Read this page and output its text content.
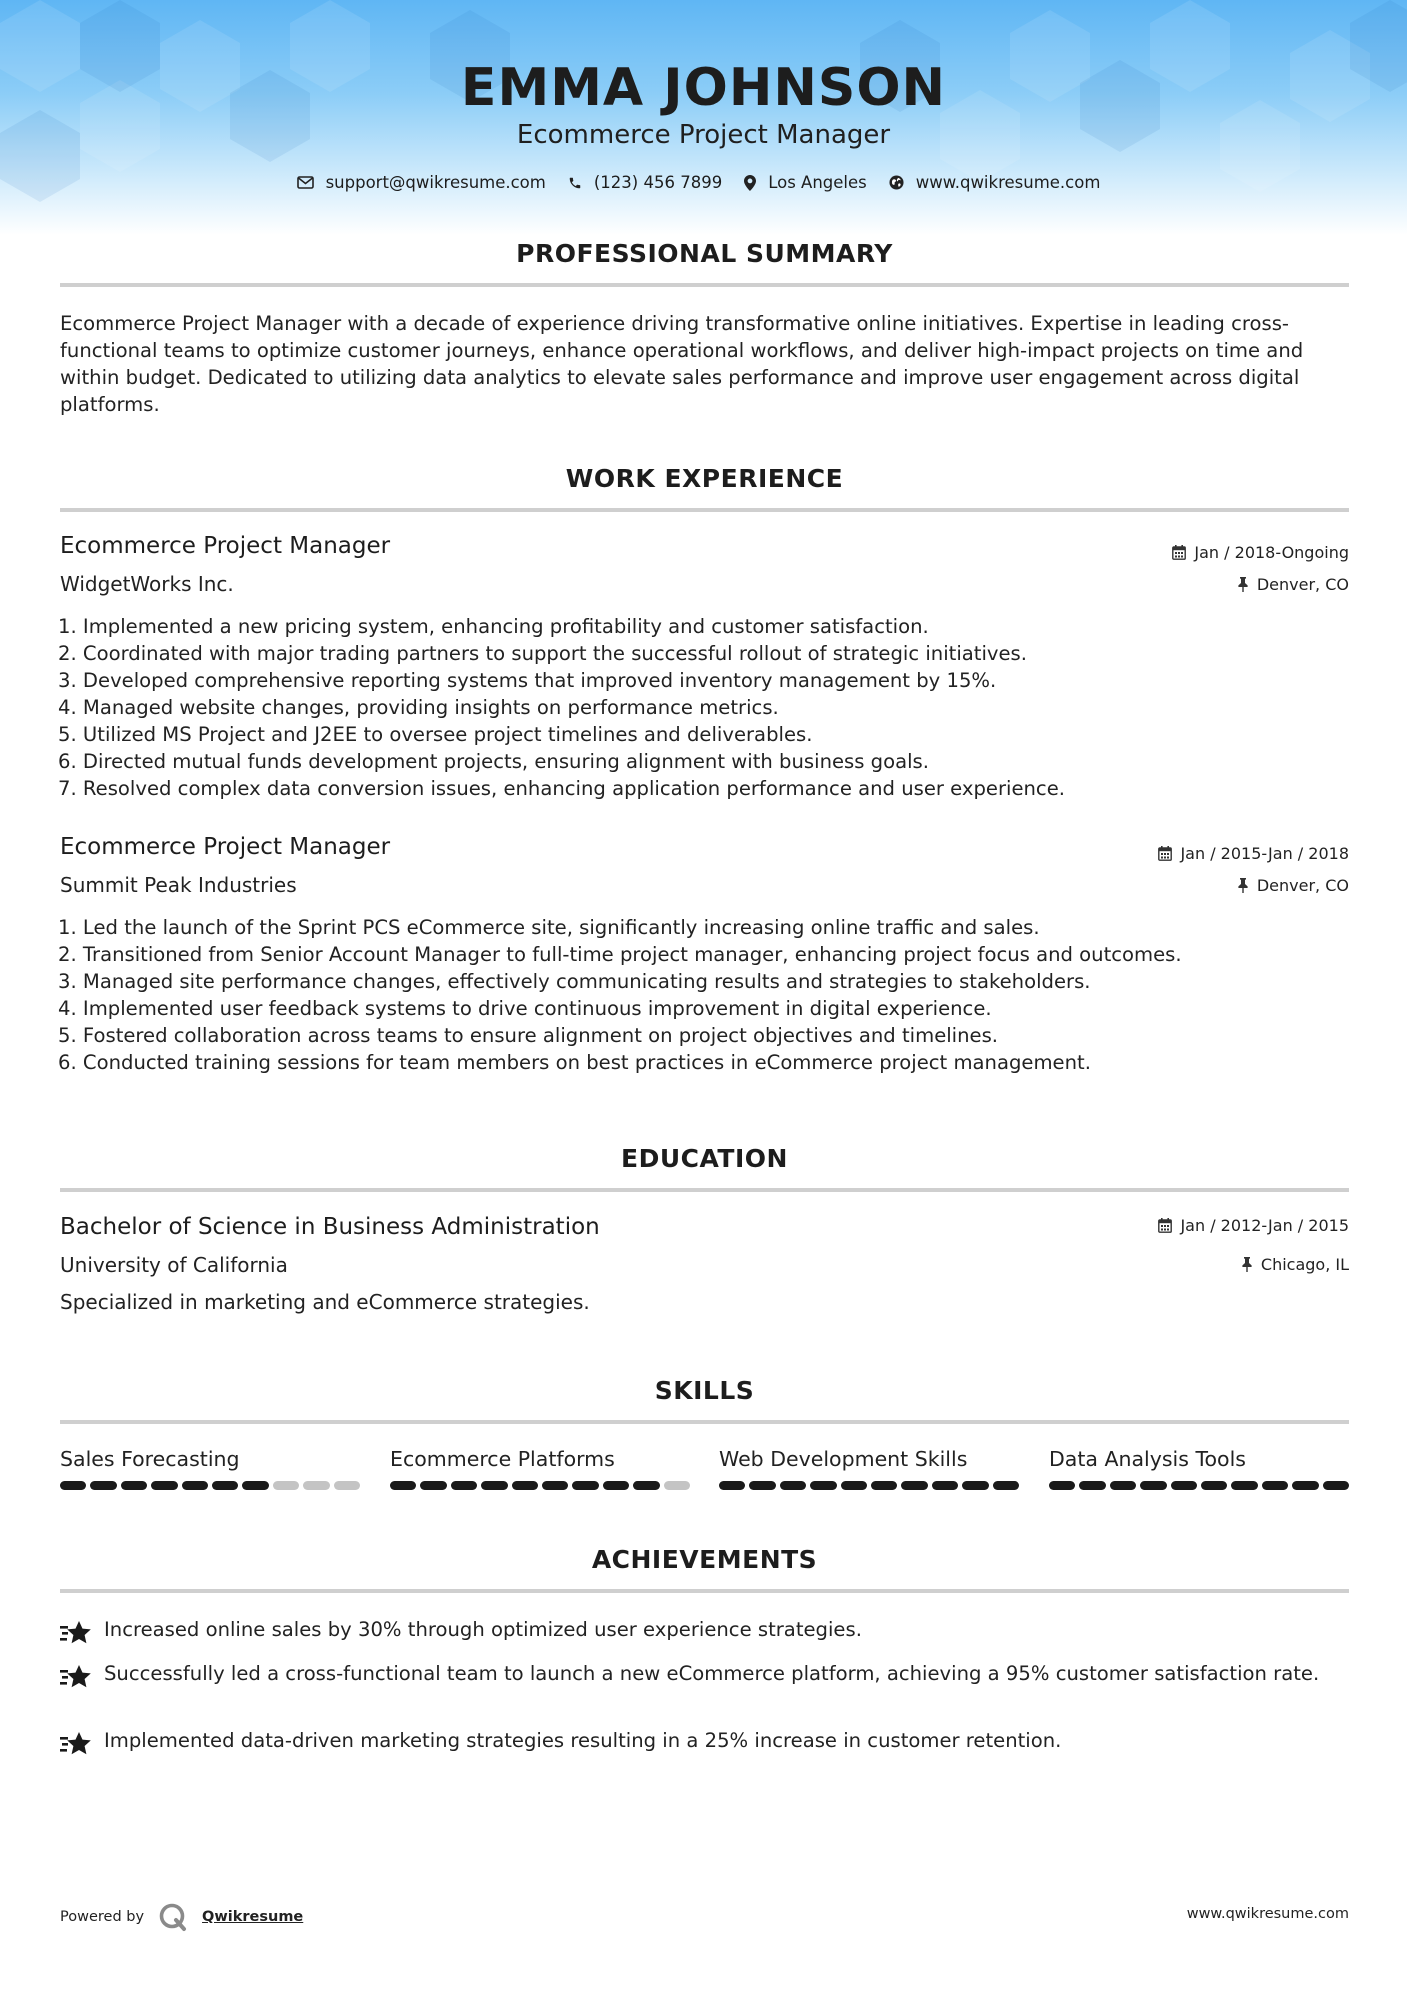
EMMA JOHNSON
Ecommerce Project Manager
support@qwikresume.com	(123) 456 7899	Los Angeles	www.qwikresume.com
PROFESSIONAL SUMMARY
Ecommerce Project Manager with a decade of experience driving transformative online initiatives. Expertise in leading cross-functional teams to optimize customer journeys, enhance operational workflows, and deliver high-impact projects on time and within budget. Dedicated to utilizing data analytics to elevate sales performance and improve user engagement across digital platforms.
WORK EXPERIENCE
Ecommerce Project Manager
WidgetWorks Inc.
Jan / 2018-Ongoing
Denver, CO
1. Implemented a new pricing system, enhancing profitability and customer satisfaction.
2. Coordinated with major trading partners to support the successful rollout of strategic initiatives.
3. Developed comprehensive reporting systems that improved inventory management by 15%.
4. Managed website changes, providing insights on performance metrics.
5. Utilized MS Project and J2EE to oversee project timelines and deliverables.
6. Directed mutual funds development projects, ensuring alignment with business goals.
7. Resolved complex data conversion issues, enhancing application performance and user experience.
Ecommerce Project Manager
Summit Peak Industries
Jan / 2015-Jan / 2018
Denver, CO
1. Led the launch of the Sprint PCS eCommerce site, significantly increasing online traffic and sales.
2. Transitioned from Senior Account Manager to full-time project manager, enhancing project focus and outcomes.
3. Managed site performance changes, effectively communicating results and strategies to stakeholders.
4. Implemented user feedback systems to drive continuous improvement in digital experience.
5. Fostered collaboration across teams to ensure alignment on project objectives and timelines.
6. Conducted training sessions for team members on best practices in eCommerce project management.
EDUCATION
Bachelor of Science in Business Administration
University of California
Jan / 2012-Jan / 2015
Chicago, IL
Specialized in marketing and eCommerce strategies.
SKILLS
Sales Forecasting	Ecommerce Platforms	Web Development Skills	Data Analysis Tools
ACHIEVEMENTS
Increased online sales by 30% through optimized user experience strategies.
Successfully led a cross-functional team to launch a new eCommerce platform, achieving a 95% customer satisfaction rate.
Implemented data-driven marketing strategies resulting in a 25% increase in customer retention.
Powered by	Qwikresume	www.qwikresume.com
